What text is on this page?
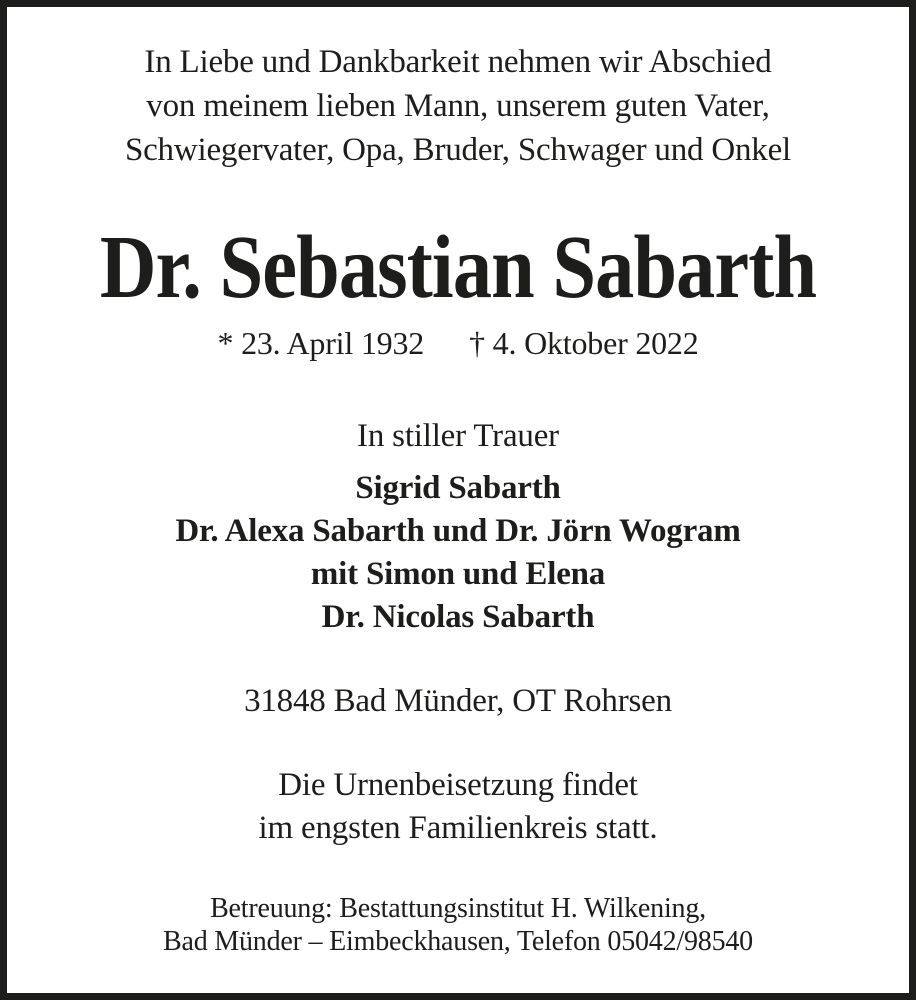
In Liebe und Dankbarkeit nehmen wir Abschied
von meinem lieben Mann, unserem guten Vater,
Schwiegervater, Opa, Bruder, Schwager und Onkel

Dr. Sebastian Sabarth

* 23. April 1932 † 4. Oktober 2022

In stiller Trauer

Sigrid Sabarth
Dr. Alexa Sabarth und Dr. Jörn Wogram
mit Simon und Elena
Dr. Nicolas Sabarth

31848 Bad Münder, OT Rohrsen

Die Urnenbeisetzung findet
im engsten Familienkreis statt.

Betreuung: Bestattungsinstitut H. Wilkening,
Bad Münder – Eimbeckhausen, Telefon 05042/98540
